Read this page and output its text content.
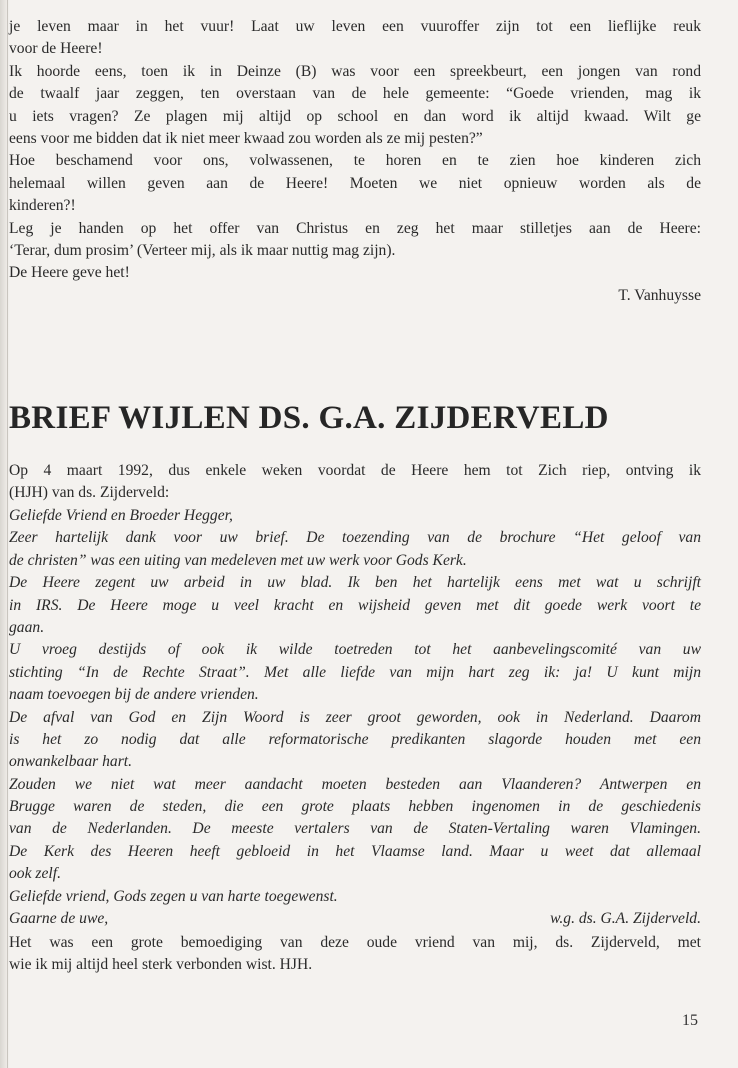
je leven maar in het vuur! Laat uw leven een vuuroffer zijn tot een lieflijke reuk
voor de Heere!
Ik hoorde eens, toen ik in Deinze (B) was voor een spreekbeurt, een jongen van rond
de twaalf jaar zeggen, ten overstaan van de hele gemeente: “Goede vrienden, mag ik
u iets vragen? Ze plagen mij altijd op school en dan word ik altijd kwaad. Wilt ge
eens voor me bidden dat ik niet meer kwaad zou worden als ze mij pesten?”
Hoe beschamend voor ons, volwassenen, te horen en te zien hoe kinderen zich
helemaal willen geven aan de Heere! Moeten we niet opnieuw worden als de
kinderen?!
Leg je handen op het offer van Christus en zeg het maar stilletjes aan de Heere:
‘Terar, dum prosim’ (Verteer mij, als ik maar nuttig mag zijn).
De Heere geve het!
T. Vanhuysse
BRIEF WIJLEN DS. G.A. ZIJDERVELD
Op 4 maart 1992, dus enkele weken voordat de Heere hem tot Zich riep, ontving ik
(HJH) van ds. Zijderveld:
Geliefde Vriend en Broeder Hegger,
Zeer hartelijk dank voor uw brief. De toezending van de brochure “Het geloof van
de christen” was een uiting van medeleven met uw werk voor Gods Kerk.
De Heere zegent uw arbeid in uw blad. Ik ben het hartelijk eens met wat u schrijft
in IRS. De Heere moge u veel kracht en wijsheid geven met dit goede werk voort te
gaan.
U vroeg destijds of ook ik wilde toetreden tot het aanbevelingscomité van uw
stichting “In de Rechte Straat”. Met alle liefde van mijn hart zeg ik: ja! U kunt mijn
naam toevoegen bij de andere vrienden.
De afval van God en Zijn Woord is zeer groot geworden, ook in Nederland. Daarom
is het zo nodig dat alle reformatorische predikanten slagorde houden met een
onwankelbaar hart.
Zouden we niet wat meer aandacht moeten besteden aan Vlaanderen? Antwerpen en
Brugge waren de steden, die een grote plaats hebben ingenomen in de geschiedenis
van de Nederlanden. De meeste vertalers van de Staten-Vertaling waren Vlamingen.
De Kerk des Heeren heeft gebloeid in het Vlaamse land. Maar u weet dat allemaal
ook zelf.
Geliefde vriend, Gods zegen u van harte toegewenst.
Gaarne de uwe,	w.g. ds. G.A. Zijderveld.
Het was een grote bemoediging van deze oude vriend van mij, ds. Zijderveld, met
wie ik mij altijd heel sterk verbonden wist. HJH.
15
